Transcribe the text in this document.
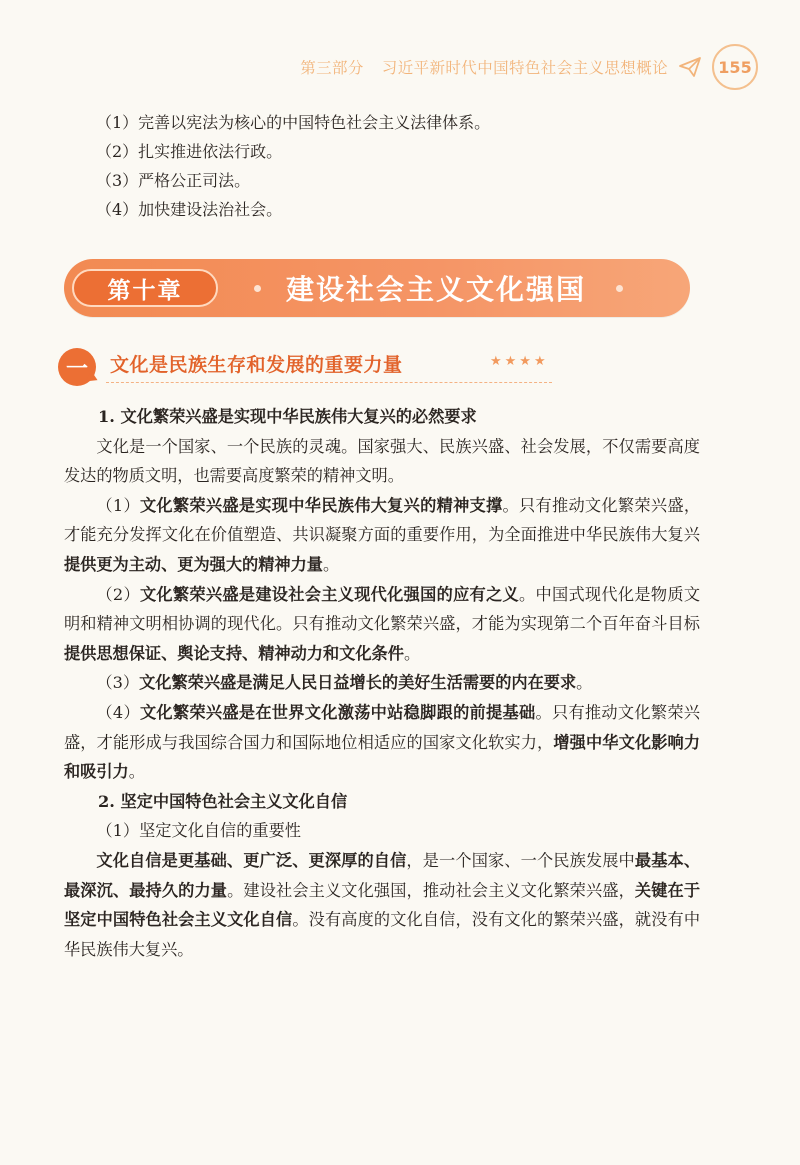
第三部分 习近平新时代中国特色社会主义思想概论	155
（1）完善以宪法为核心的中国特色社会主义法律体系。
（2）扎实推进依法行政。
（3）严格公正司法。
（4）加快建设法治社会。
第十章	建设社会主义文化强国
一 文化是民族生存和发展的重要力量	★★★★

1. 文化繁荣兴盛是实现中华民族伟大复兴的必然要求

文化是一个国家、一个民族的灵魂。国家强大、民族兴盛、社会发展，不仅需要高度发达的物质文明，也需要高度繁荣的精神文明。

（1）文化繁荣兴盛是实现中华民族伟大复兴的精神支撑。只有推动文化繁荣兴盛，才能充分发挥文化在价值塑造、共识凝聚方面的重要作用，为全面推进中华民族伟大复兴提供更为主动、更为强大的精神力量。

（2）文化繁荣兴盛是建设社会主义现代化强国的应有之义。中国式现代化是物质文明和精神文明相协调的现代化。只有推动文化繁荣兴盛，才能为实现第二个百年奋斗目标提供思想保证、舆论支持、精神动力和文化条件。

（3）文化繁荣兴盛是满足人民日益增长的美好生活需要的内在要求。

（4）文化繁荣兴盛是在世界文化激荡中站稳脚跟的前提基础。只有推动文化繁荣兴盛，才能形成与我国综合国力和国际地位相适应的国家文化软实力，增强中华文化影响力和吸引力。

2. 坚定中国特色社会主义文化自信

（1）坚定文化自信的重要性

文化自信是更基础、更广泛、更深厚的自信，是一个国家、一个民族发展中最基本、最深沉、最持久的力量。建设社会主义文化强国，推动社会主义文化繁荣兴盛，关键在于坚定中国特色社会主义文化自信。没有高度的文化自信，没有文化的繁荣兴盛，就没有中华民族伟大复兴。
